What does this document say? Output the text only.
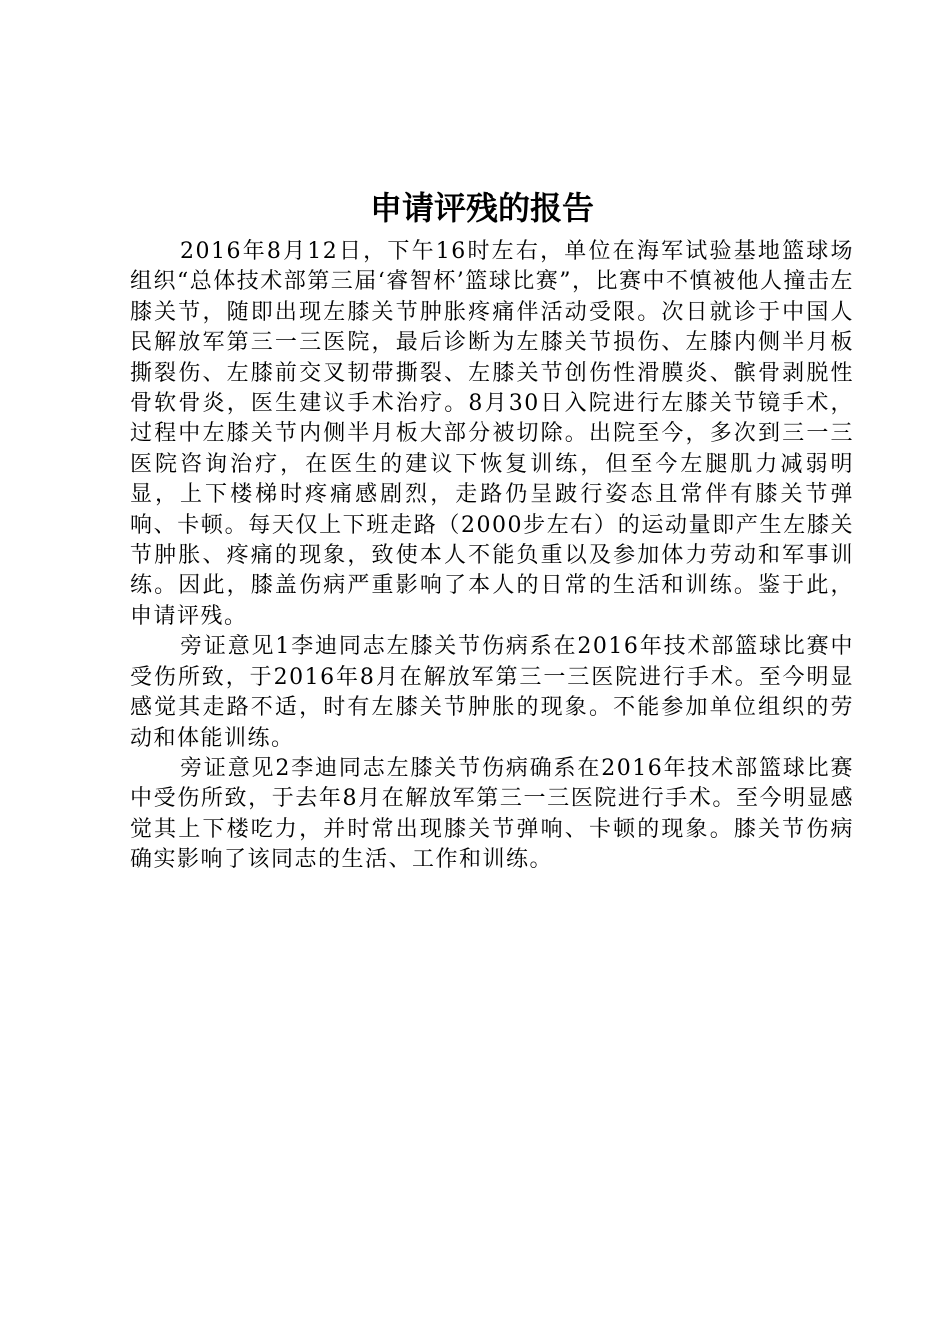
申请评残的报告

2016年8月12日，下午16时左右，单位在海军试验基地篮球场组织“总体技术部第三届‘睿智杯’篮球比赛”，比赛中不慎被他人撞击左膝关节，随即出现左膝关节肿胀疼痛伴活动受限。次日就诊于中国人民解放军第三一三医院，最后诊断为左膝关节损伤、左膝内侧半月板撕裂伤、左膝前交叉韧带撕裂、左膝关节创伤性滑膜炎、髌骨剥脱性骨软骨炎，医生建议手术治疗。8月30日入院进行左膝关节镜手术，过程中左膝关节内侧半月板大部分被切除。出院至今，多次到三一三医院咨询治疗，在医生的建议下恢复训练，但至今左腿肌力减弱明显，上下楼梯时疼痛感剧烈，走路仍呈跛行姿态且常伴有膝关节弹响、卡顿。每天仅上下班走路（2000步左右）的运动量即产生左膝关节肿胀、疼痛的现象，致使本人不能负重以及参加体力劳动和军事训练。因此，膝盖伤病严重影响了本人的日常的生活和训练。鉴于此，申请评残。

旁证意见1李迪同志左膝关节伤病系在2016年技术部篮球比赛中受伤所致，于2016年8月在解放军第三一三医院进行手术。至今明显感觉其走路不适，时有左膝关节肿胀的现象。不能参加单位组织的劳动和体能训练。

旁证意见2李迪同志左膝关节伤病确系在2016年技术部篮球比赛中受伤所致，于去年8月在解放军第三一三医院进行手术。至今明显感觉其上下楼吃力，并时常出现膝关节弹响、卡顿的现象。膝关节伤病确实影响了该同志的生活、工作和训练。
